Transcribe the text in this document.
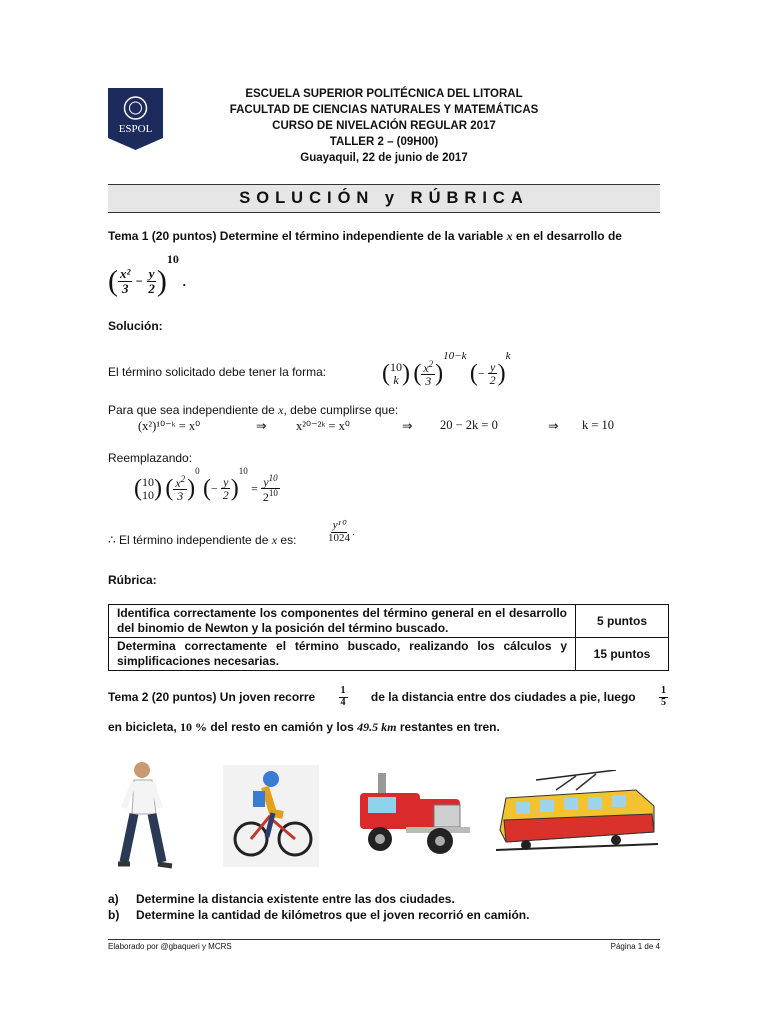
ESPOL
ESCUELA SUPERIOR POLITÉCNICA DEL LITORAL
FACULTAD DE CIENCIAS NATURALES Y MATEMÁTICAS
CURSO DE NIVELACIÓN REGULAR 2017
TALLER 2 – (09H00)
Guayaquil, 22 de junio de 2017
SOLUCIÓN y RÚBRICA
Tema 1 (20 puntos) Determine el término independiente de la variable x en el desarrollo de
( $\frac{\text{x²}}{3} - \frac{y}{2} )^{10}$ .
Solución:
El término solicitado debe tener la forma: ( 10
k ) ( $\frac{x^2}{3} )^{10-k}$ (− $\frac{y}{2} )^k$
Para que sea independiente de x, debe cumplirse que:
(x²)¹⁰⁻ᵏ = x⁰	⇒ x²⁰⁻²ᵏ = x⁰	⇒ 20 − 2k = 0	⇒ k = 10
Reemplazando:
( 10
10 ) ( $\frac{x^2}{3} )^0$ (− $\frac{y}{2} )^{10} = \frac{y^{10}}{2^{10}}$
∴ El término independiente de x es:	$\frac{\text{y¹⁰}}{1024}$ .
Rúbrica:
Identifica correctamente los componentes del término general en el desarrollo del binomio de Newton y la posición del término buscado.	5 puntos
Determina correctamente el término buscado, realizando los cálculos y simplificaciones necesarias.	15 puntos
Tema 2 (20 puntos) Un joven recorre $\frac{1}{4}$ de la distancia entre dos ciudades a pie, luego $\frac{1}{5}$
en bicicleta, 10 % del resto en camión y los 49.5 km restantes en tren.
a) Determine la distancia existente entre las dos ciudades.
b) Determine la cantidad de kilómetros que el joven recorrió en camión.
Elaborado por @gbaqueri y MCRS	Página 1 de 4
